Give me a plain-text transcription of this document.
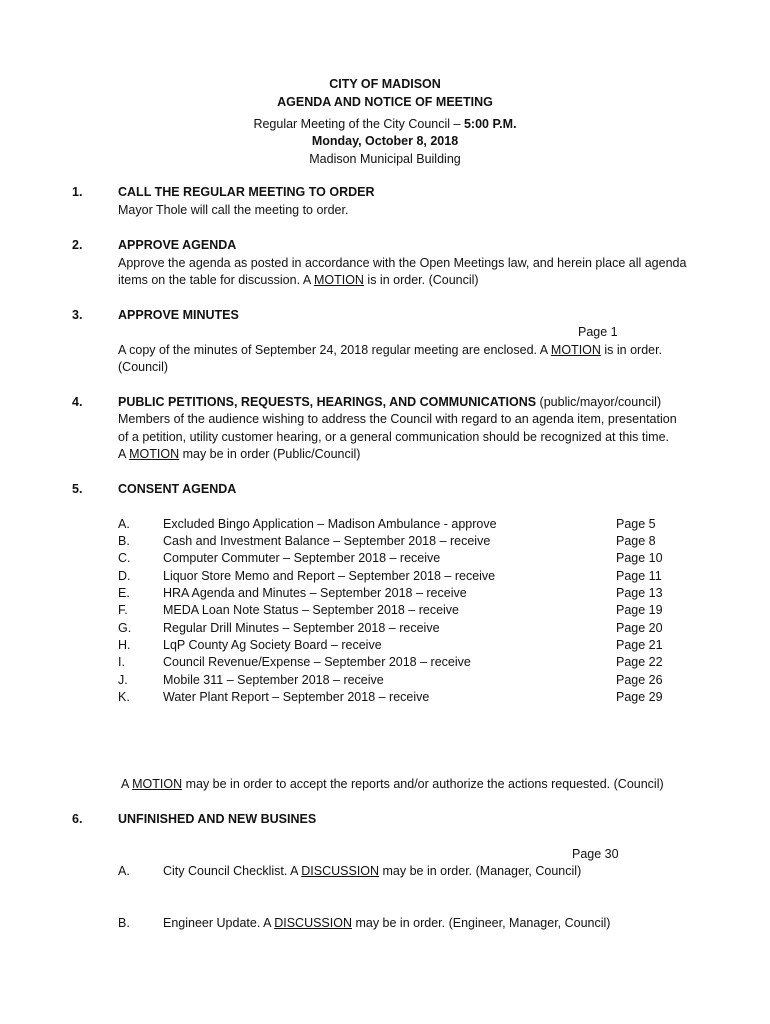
CITY OF MADISON
AGENDA AND NOTICE OF MEETING
Regular Meeting of the City Council – 5:00 P.M.
Monday, October 8, 2018
Madison Municipal Building
1.	CALL THE REGULAR MEETING TO ORDER
Mayor Thole will call the meeting to order.
2.	APPROVE AGENDA
Approve the agenda as posted in accordance with the Open Meetings law, and herein place all agenda
items on the table for discussion. A MOTION is in order. (Council)
3.	APPROVE MINUTES
Page 1
A copy of the minutes of September 24, 2018 regular meeting are enclosed. A MOTION is in order.
(Council)
4.	PUBLIC PETITIONS, REQUESTS, HEARINGS, AND COMMUNICATIONS (public/mayor/council)
Members of the audience wishing to address the Council with regard to an agenda item, presentation
of a petition, utility customer hearing, or a general communication should be recognized at this time.
A MOTION may be in order (Public/Council)
5.	CONSENT AGENDA
A.	Excluded Bingo Application – Madison Ambulance - approve	Page 5
B.	Cash and Investment Balance – September 2018 – receive	Page 8
C.	Computer Commuter – September 2018 – receive	Page 10
D.	Liquor Store Memo and Report – September 2018 – receive	Page 11
E.	HRA Agenda and Minutes – September 2018 – receive	Page 13
F.	MEDA Loan Note Status – September 2018 – receive	Page 19
G.	Regular Drill Minutes – September 2018 – receive	Page 20
H.	LqP County Ag Society Board – receive	Page 21
I.	Council Revenue/Expense – September 2018 – receive	Page 22
J.	Mobile 311 – September 2018 – receive	Page 26
K.	Water Plant Report – September 2018 – receive	Page 29
A MOTION may be in order to accept the reports and/or authorize the actions requested. (Council)
6.	UNFINISHED AND NEW BUSINES
Page 30
A.	City Council Checklist. A DISCUSSION may be in order. (Manager, Council)
B.	Engineer Update. A DISCUSSION may be in order. (Engineer, Manager, Council)
